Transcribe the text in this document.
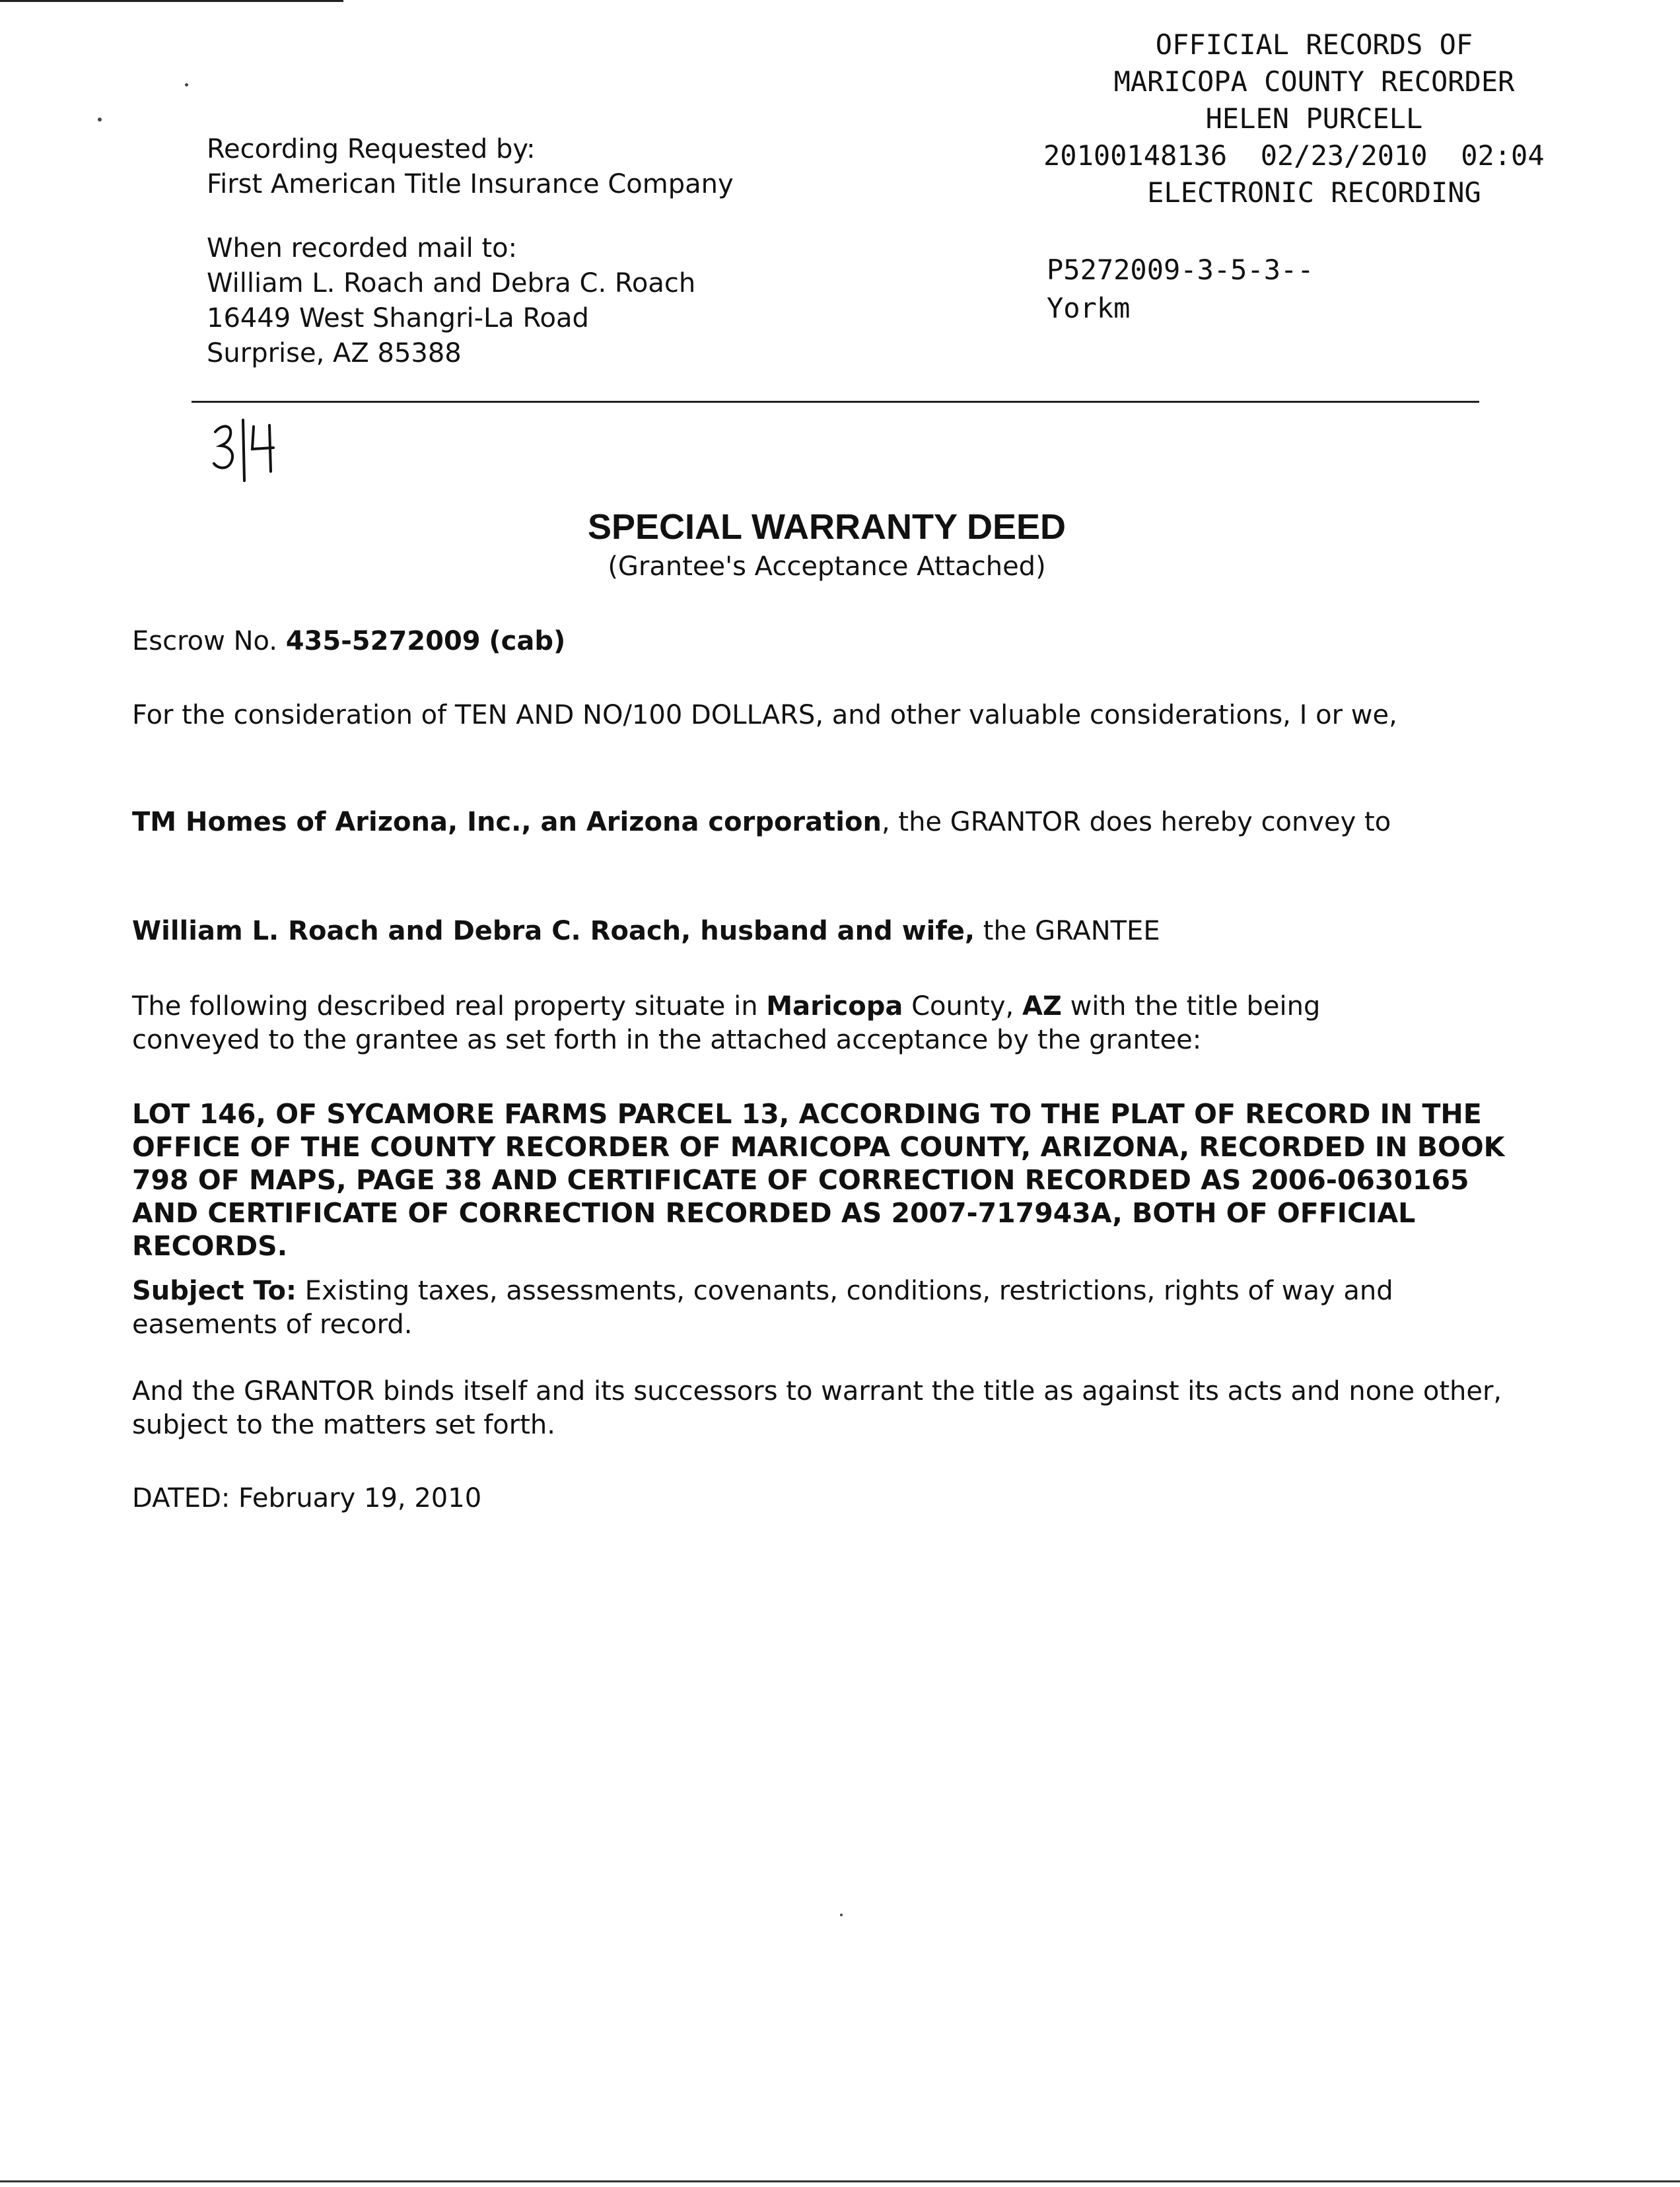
OFFICIAL RECORDS OF
MARICOPA COUNTY RECORDER
HELEN PURCELL
20100148136 02/23/2010 02:04
ELECTRONIC RECORDING
P5272009-3-5-3--
Yorkm
Recording Requested by:
First American Title Insurance Company
When recorded mail to:
William L. Roach and Debra C. Roach
16449 West Shangri-La Road
Surprise, AZ 85388
SPECIAL WARRANTY DEED
(Grantee's Acceptance Attached)
Escrow No. 435-5272009 (cab)
For the consideration of TEN AND NO/100 DOLLARS, and other valuable considerations, I or we,
TM Homes of Arizona, Inc., an Arizona corporation, the GRANTOR does hereby convey to
William L. Roach and Debra C. Roach, husband and wife, the GRANTEE
The following described real property situate in Maricopa County, AZ with the title being conveyed to the grantee as set forth in the attached acceptance by the grantee:
LOT 146, OF SYCAMORE FARMS PARCEL 13, ACCORDING TO THE PLAT OF RECORD IN THE OFFICE OF THE COUNTY RECORDER OF MARICOPA COUNTY, ARIZONA, RECORDED IN BOOK 798 OF MAPS, PAGE 38 AND CERTIFICATE OF CORRECTION RECORDED AS 2006-0630165 AND CERTIFICATE OF CORRECTION RECORDED AS 2007-717943A, BOTH OF OFFICIAL RECORDS.
Subject To: Existing taxes, assessments, covenants, conditions, restrictions, rights of way and easements of record.
And the GRANTOR binds itself and its successors to warrant the title as against its acts and none other, subject to the matters set forth.
DATED: February 19, 2010
